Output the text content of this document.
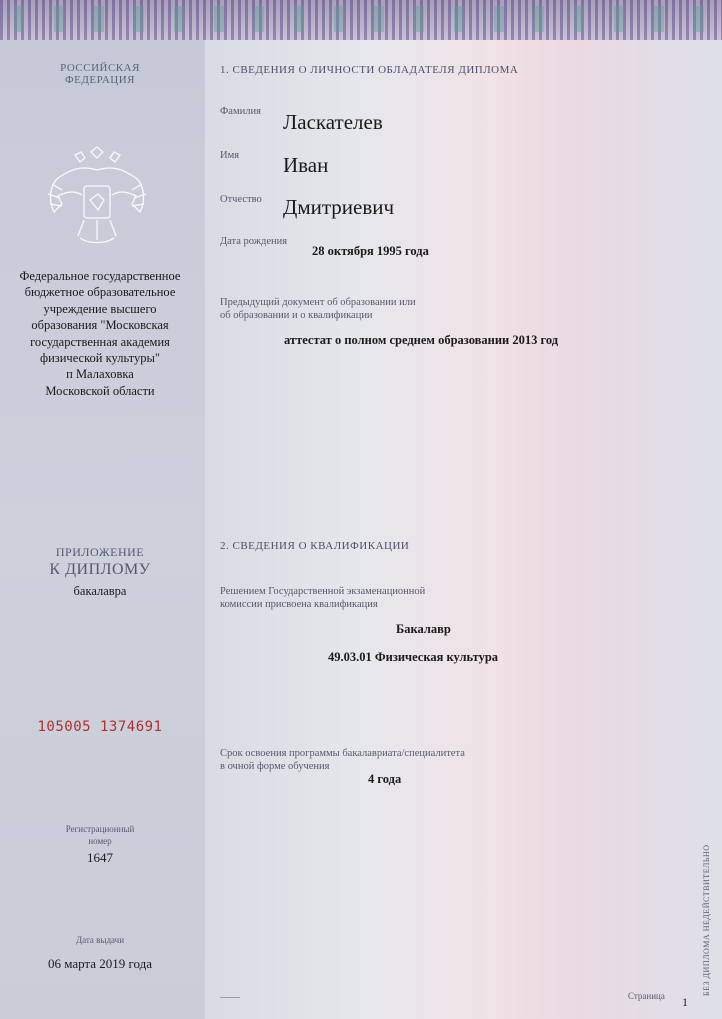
РОССИЙСКАЯ
ФЕДЕРАЦИЯ
Федеральное государственное
бюджетное образовательное
учреждение высшего
образования "Московская
государственная академия
физической культуры"
п Малаховка
Московской области
ПРИЛОЖЕНИЕ
К ДИПЛОМУ
бакалавра
105005 1374691
Регистрационный
номер
1647
Дата выдачи
06 марта 2019 года
1. СВЕДЕНИЯ О ЛИЧНОСТИ ОБЛАДАТЕЛЯ ДИПЛОМА
Фамилия Ласкателев
Имя Иван
Отчество Дмитриевич
Дата рождения
28 октября 1995 года
Предыдущий документ об образовании или
об образовании и о квалификации
аттестат о полном среднем образовании 2013 год
2. СВЕДЕНИЯ О КВАЛИФИКАЦИИ
Решением Государственной экзаменационной
комиссии присвоена квалификация
Бакалавр
49.03.01 Физическая культура
Срок освоения программы бакалавриата/специалитета
в очной форме обучения
4 года
Страница 1
БЕЗ ДИПЛОМА НЕДЕЙСТВИТЕЛЬНО
